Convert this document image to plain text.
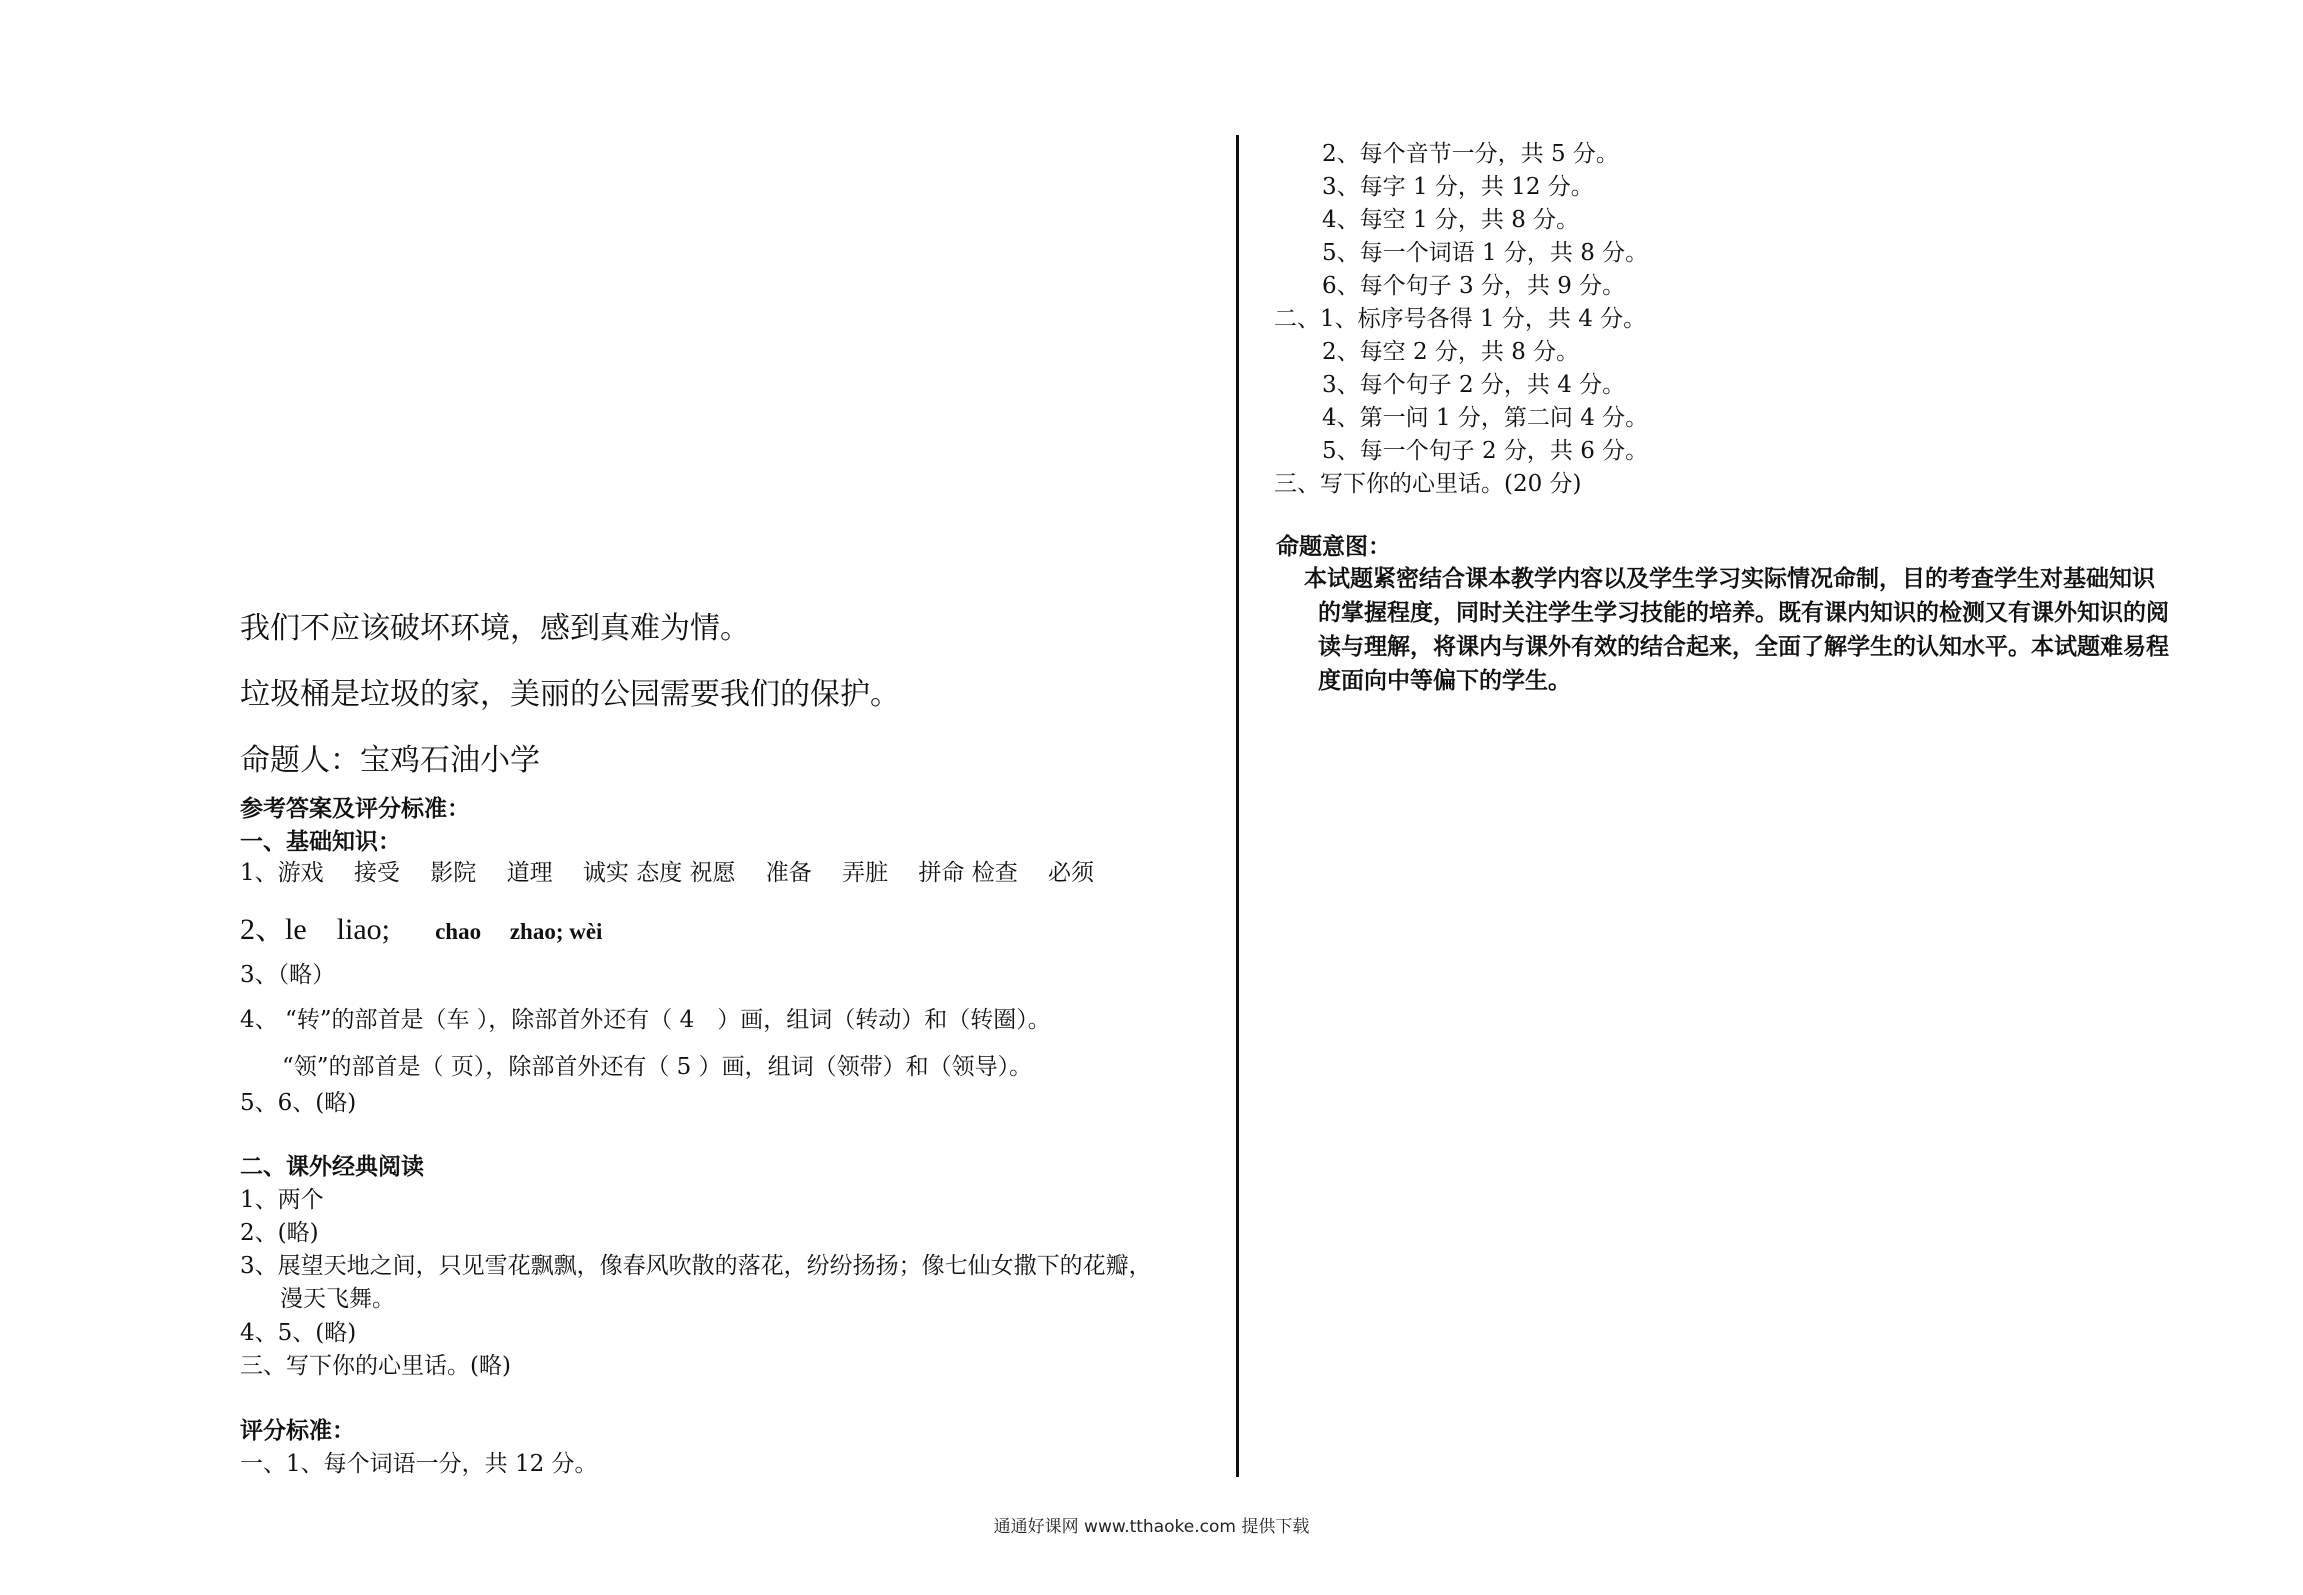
我们不应该破坏环境，感到真难为情。
垃圾桶是垃圾的家，美丽的公园需要我们的保护。
命题人：宝鸡石油小学
参考答案及评分标准：
一、基础知识：
1、游戏　 接受　 影院　 道理　 诚实 态度 祝愿　 准备　 弄脏　 拼命 检查　 必须
2、le　liao; chao　 zhao; wèi
3、（略）
4、 “转”的部首是（车 ），除部首外还有（ 4　）画，组词（转动）和（转圈）。
“领”的部首是（ 页），除部首外还有（ 5 ）画，组词（领带）和（领导）。
5、6、(略)
二、课外经典阅读
1、两个
2、(略)
3、展望天地之间，只见雪花飘飘，像春风吹散的落花，纷纷扬扬；像七仙女撒下的花瓣，
漫天飞舞。
4、5、(略)
三、写下你的心里话。(略)
评分标准：
一、1、每个词语一分，共 12 分。
2、每个音节一分，共 5 分。
3、每字 1 分，共 12 分。
4、每空 1 分，共 8 分。
5、每一个词语 1 分，共 8 分。
6、每个句子 3 分，共 9 分。
二、1、标序号各得 1 分，共 4 分。
2、每空 2 分，共 8 分。
3、每个句子 2 分，共 4 分。
4、第一问 1 分，第二问 4 分。
5、每一个句子 2 分，共 6 分。
三、写下你的心里话。(20 分)
命题意图：
本试题紧密结合课本教学内容以及学生学习实际情况命制，目的考查学生对基础知识
的掌握程度，同时关注学生学习技能的培养。既有课内知识的检测又有课外知识的阅
读与理解，将课内与课外有效的结合起来，全面了解学生的认知水平。本试题难易程
度面向中等偏下的学生。
通通好课网 www.tthaoke.com 提供下载
